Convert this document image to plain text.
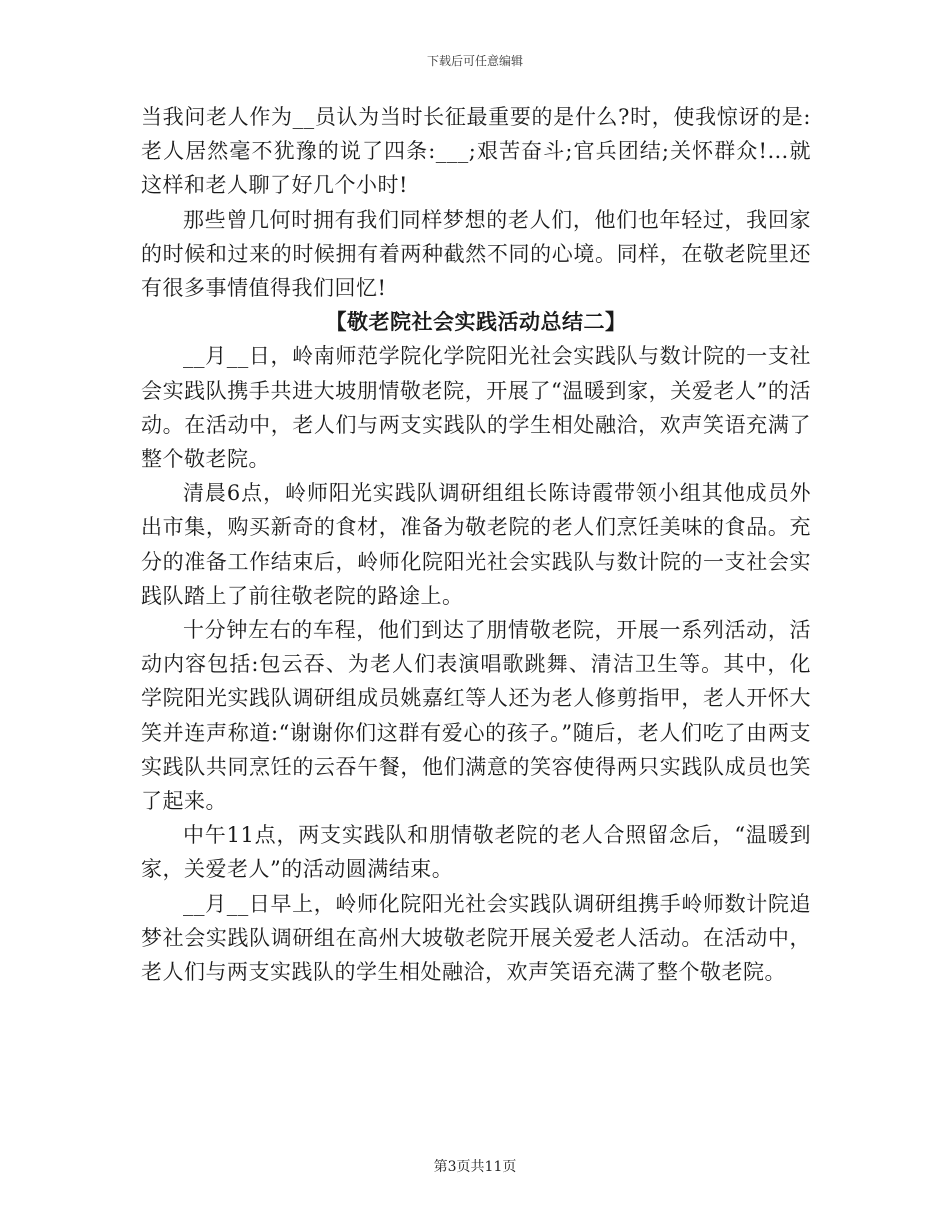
下载后可任意编辑

当我问老人作为__员认为当时长征最重要的是什么?时，使我惊讶的是:老人居然毫不犹豫的说了四条:___;艰苦奋斗;官兵团结;关怀群众!…就这样和老人聊了好几个小时!

那些曾几何时拥有我们同样梦想的老人们，他们也年轻过，我回家的时候和过来的时候拥有着两种截然不同的心境。同样，在敬老院里还有很多事情值得我们回忆!

【敬老院社会实践活动总结二】

__月__日，岭南师范学院化学院阳光社会实践队与数计院的一支社会实践队携手共进大坡朋情敬老院，开展了“温暖到家，关爱老人”的活动。在活动中，老人们与两支实践队的学生相处融洽，欢声笑语充满了整个敬老院。

清晨6点，岭师阳光实践队调研组组长陈诗霞带领小组其他成员外出市集，购买新奇的食材，准备为敬老院的老人们烹饪美味的食品。充分的准备工作结束后，岭师化院阳光社会实践队与数计院的一支社会实践队踏上了前往敬老院的路途上。

十分钟左右的车程，他们到达了朋情敬老院，开展一系列活动，活动内容包括:包云吞、为老人们表演唱歌跳舞、清洁卫生等。其中，化学院阳光实践队调研组成员姚嘉红等人还为老人修剪指甲，老人开怀大笑并连声称道:“谢谢你们这群有爱心的孩子。”随后，老人们吃了由两支实践队共同烹饪的云吞午餐，他们满意的笑容使得两只实践队成员也笑了起来。

中午11点，两支实践队和朋情敬老院的老人合照留念后，“温暖到家，关爱老人”的活动圆满结束。

__月__日早上，岭师化院阳光社会实践队调研组携手岭师数计院追梦社会实践队调研组在高州大坡敬老院开展关爱老人活动。在活动中，老人们与两支实践队的学生相处融洽，欢声笑语充满了整个敬老院。

第3页共11页
